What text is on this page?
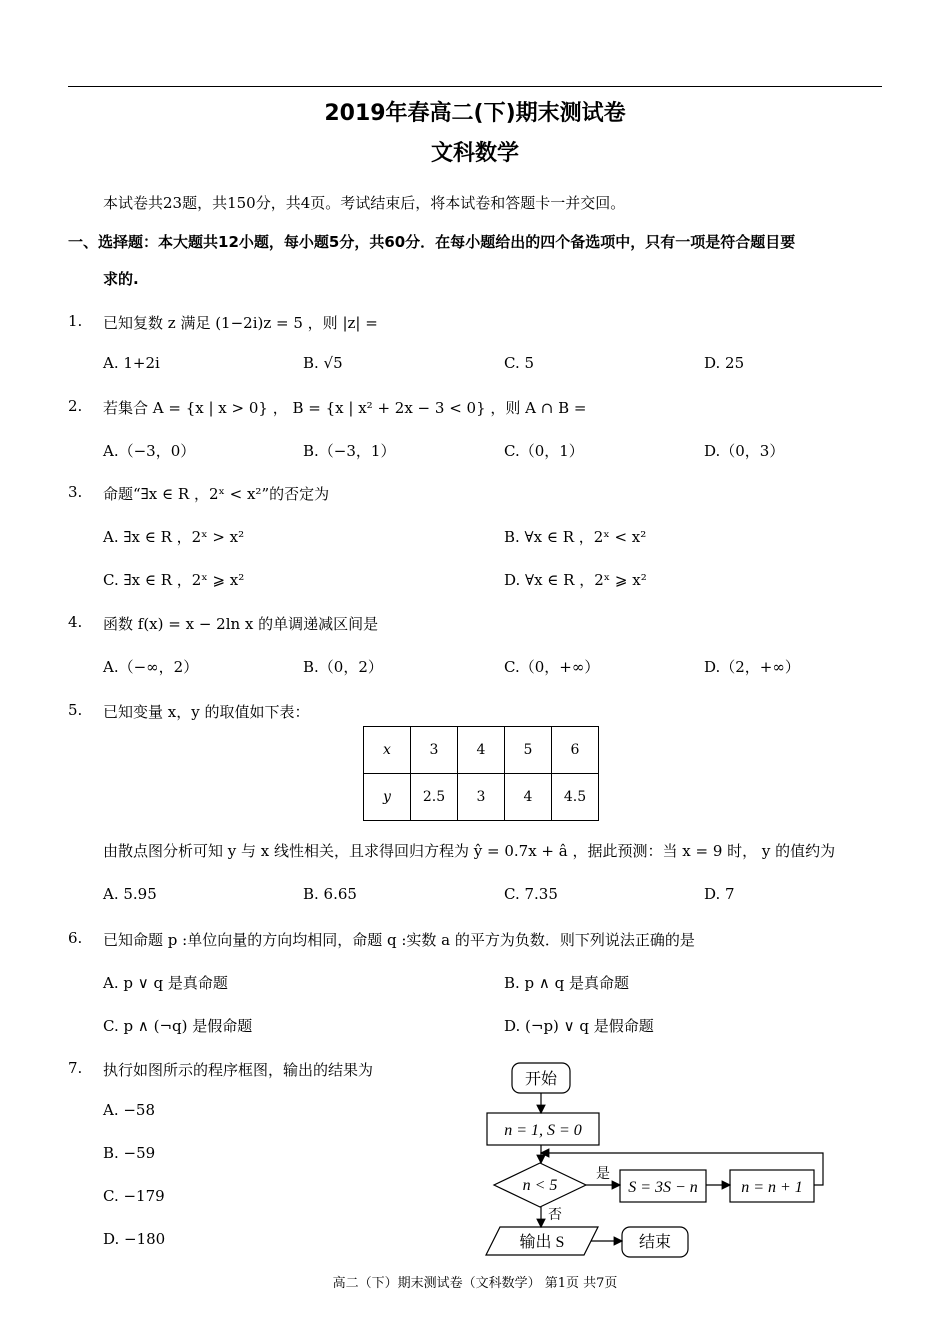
2019年春高二(下)期末测试卷
文科数学
本试卷共23题，共150分，共4页。考试结束后，将本试卷和答题卡一并交回。
一、选择题：本大题共12小题，每小题5分，共60分．在每小题给出的四个备选项中，只有一项是符合题目要
求的.
1. 已知复数 z 满足 (1−2i)z = 5 ，则 |z| =
A. 1+2i	B. √5	C. 5	D. 25
2. 若集合 A = {x | x > 0} ， B = {x | x² + 2x − 3 < 0} ，则 A ∩ B =
A.（−3，0）	B.（−3，1）	C.（0，1）	D.（0，3）
3. 命题“∃x ∈ R ，2ˣ < x²”的否定为
A. ∃x ∈ R ，2ˣ > x²	B. ∀x ∈ R ，2ˣ < x²
C. ∃x ∈ R ，2ˣ ⩾ x²	D. ∀x ∈ R ，2ˣ ⩾ x²
4. 函数 f(x) = x − 2ln x 的单调递减区间是
A.（−∞，2）	B.（0，2）	C.（0，+∞）	D.（2，+∞）
5. 已知变量 x，y 的取值如下表：
x	3	4	5	6
y	2.5	3	4	4.5
由散点图分析可知 y 与 x 线性相关，且求得回归方程为 ŷ = 0.7x + â ，据此预测：当 x = 9 时， y 的值约为
A. 5.95	B. 6.65	C. 7.35	D. 7
6. 已知命题 p :单位向量的方向均相同，命题 q :实数 a 的平方为负数．则下列说法正确的是
A. p ∨ q 是真命题	B. p ∧ q 是真命题
C. p ∧ (¬q) 是假命题	D. (¬p) ∨ q 是假命题
7. 执行如图所示的程序框图，输出的结果为
A. −58
B. −59
C. −179
D. −180
开始
n = 1, S = 0
n < 5
是
S = 3S − n	n = n + 1
否
输出 S	结束
高二（下）期末测试卷（文科数学） 第1页 共7页
